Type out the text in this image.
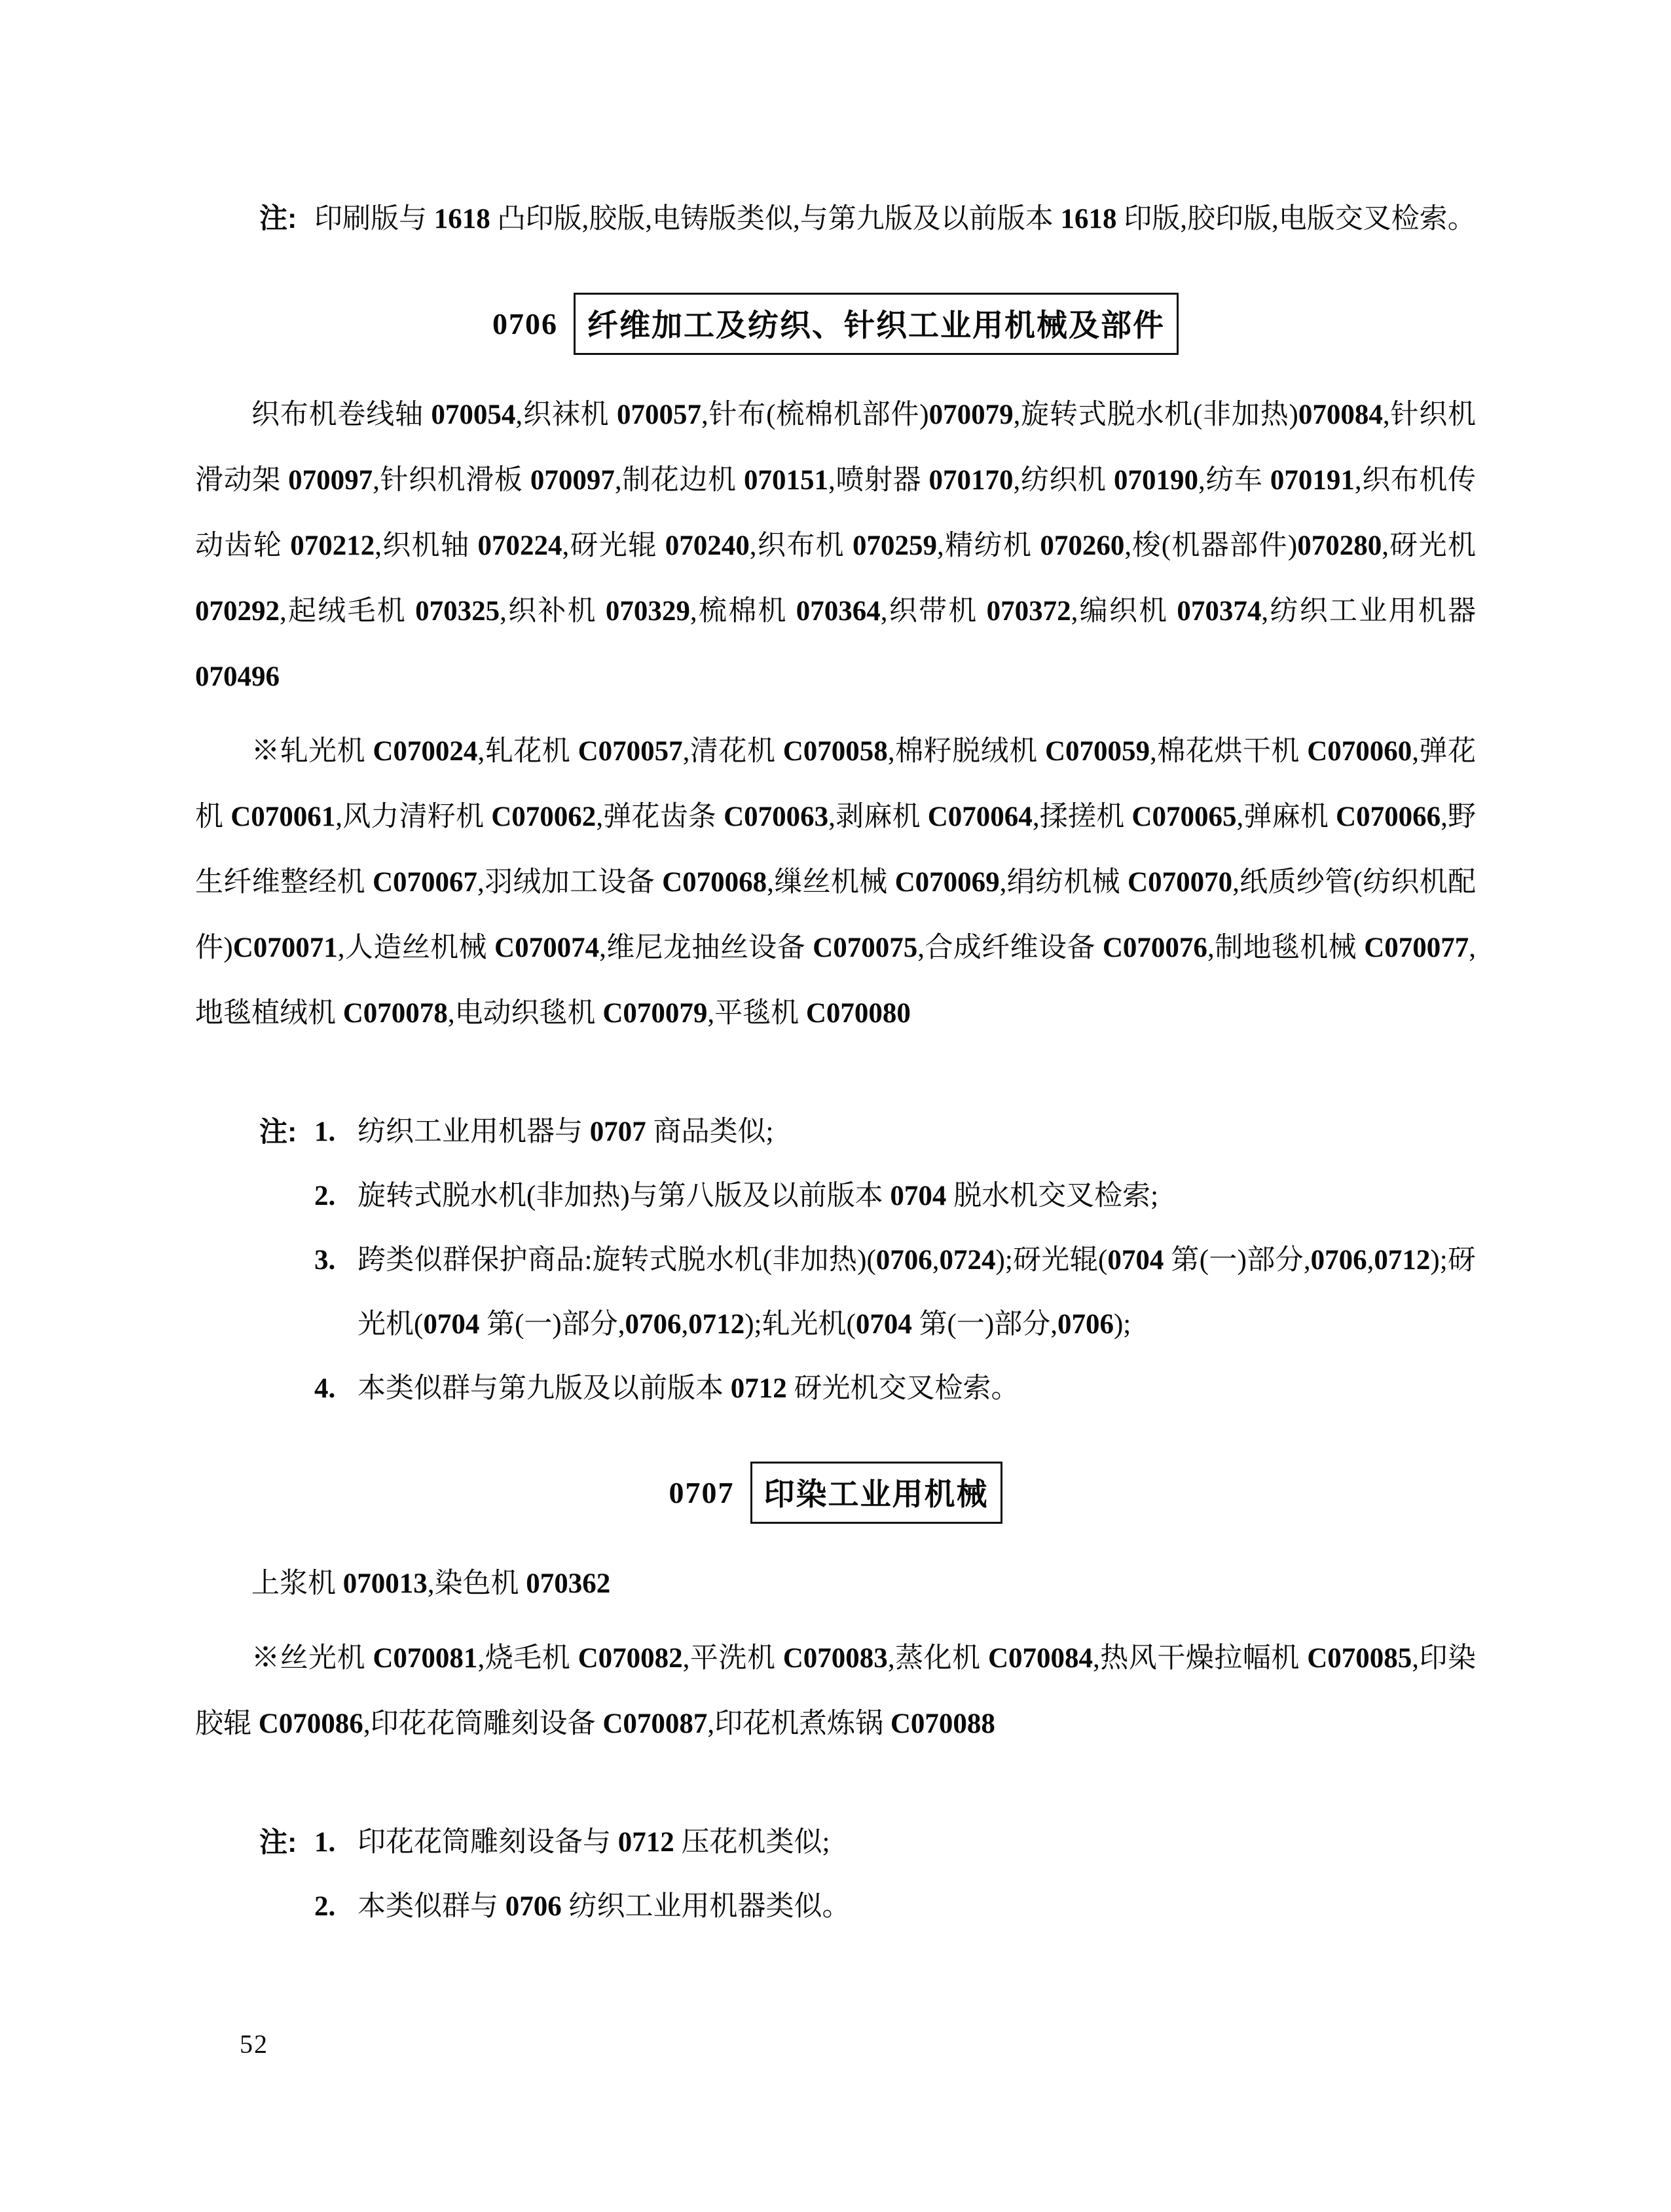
注: 印刷版与 1618 凸印版,胶版,电铸版类似,与第九版及以前版本 1618 印版,胶印版,电版交叉检索。
0706 纤维加工及纺织、针织工业用机械及部件

织布机卷线轴 070054,织袜机 070057,针布(梳棉机部件)070079,旋转式脱水机(非加热)070084,针织机滑动架 070097,针织机滑板 070097,制花边机 070151,喷射器 070170,纺织机 070190,纺车 070191,织布机传动齿轮 070212,织机轴 070224,砑光辊 070240,织布机 070259,精纺机 070260,梭(机器部件)070280,砑光机 070292,起绒毛机 070325,织补机 070329,梳棉机 070364,织带机 070372,编织机 070374,纺织工业用机器 070496

※轧光机 C070024,轧花机 C070057,清花机 C070058,棉籽脱绒机 C070059,棉花烘干机 C070060,弹花机 C070061,风力清籽机 C070062,弹花齿条 C070063,剥麻机 C070064,揉搓机 C070065,弹麻机 C070066,野生纤维整经机 C070067,羽绒加工设备 C070068,缫丝机械 C070069,绢纺机械 C070070,纸质纱管(纺织机配件)C070071,人造丝机械 C070074,维尼龙抽丝设备 C070075,合成纤维设备 C070076,制地毯机械 C070077,地毯植绒机 C070078,电动织毯机 C070079,平毯机 C070080

注: 1. 纺织工业用机器与 0707 商品类似;
2. 旋转式脱水机(非加热)与第八版及以前版本 0704 脱水机交叉检索;
3. 跨类似群保护商品:旋转式脱水机(非加热)(0706,0724);砑光辊(0704 第(一)部分,0706,0712);砑光机(0704 第(一)部分,0706,0712);轧光机(0704 第(一)部分,0706);
4. 本类似群与第九版及以前版本 0712 砑光机交叉检索。
0707 印染工业用机械

上浆机 070013,染色机 070362

※丝光机 C070081,烧毛机 C070082,平洗机 C070083,蒸化机 C070084,热风干燥拉幅机 C070085,印染胶辊 C070086,印花花筒雕刻设备 C070087,印花机煮炼锅 C070088

注: 1. 印花花筒雕刻设备与 0712 压花机类似;
2. 本类似群与 0706 纺织工业用机器类似。
52
